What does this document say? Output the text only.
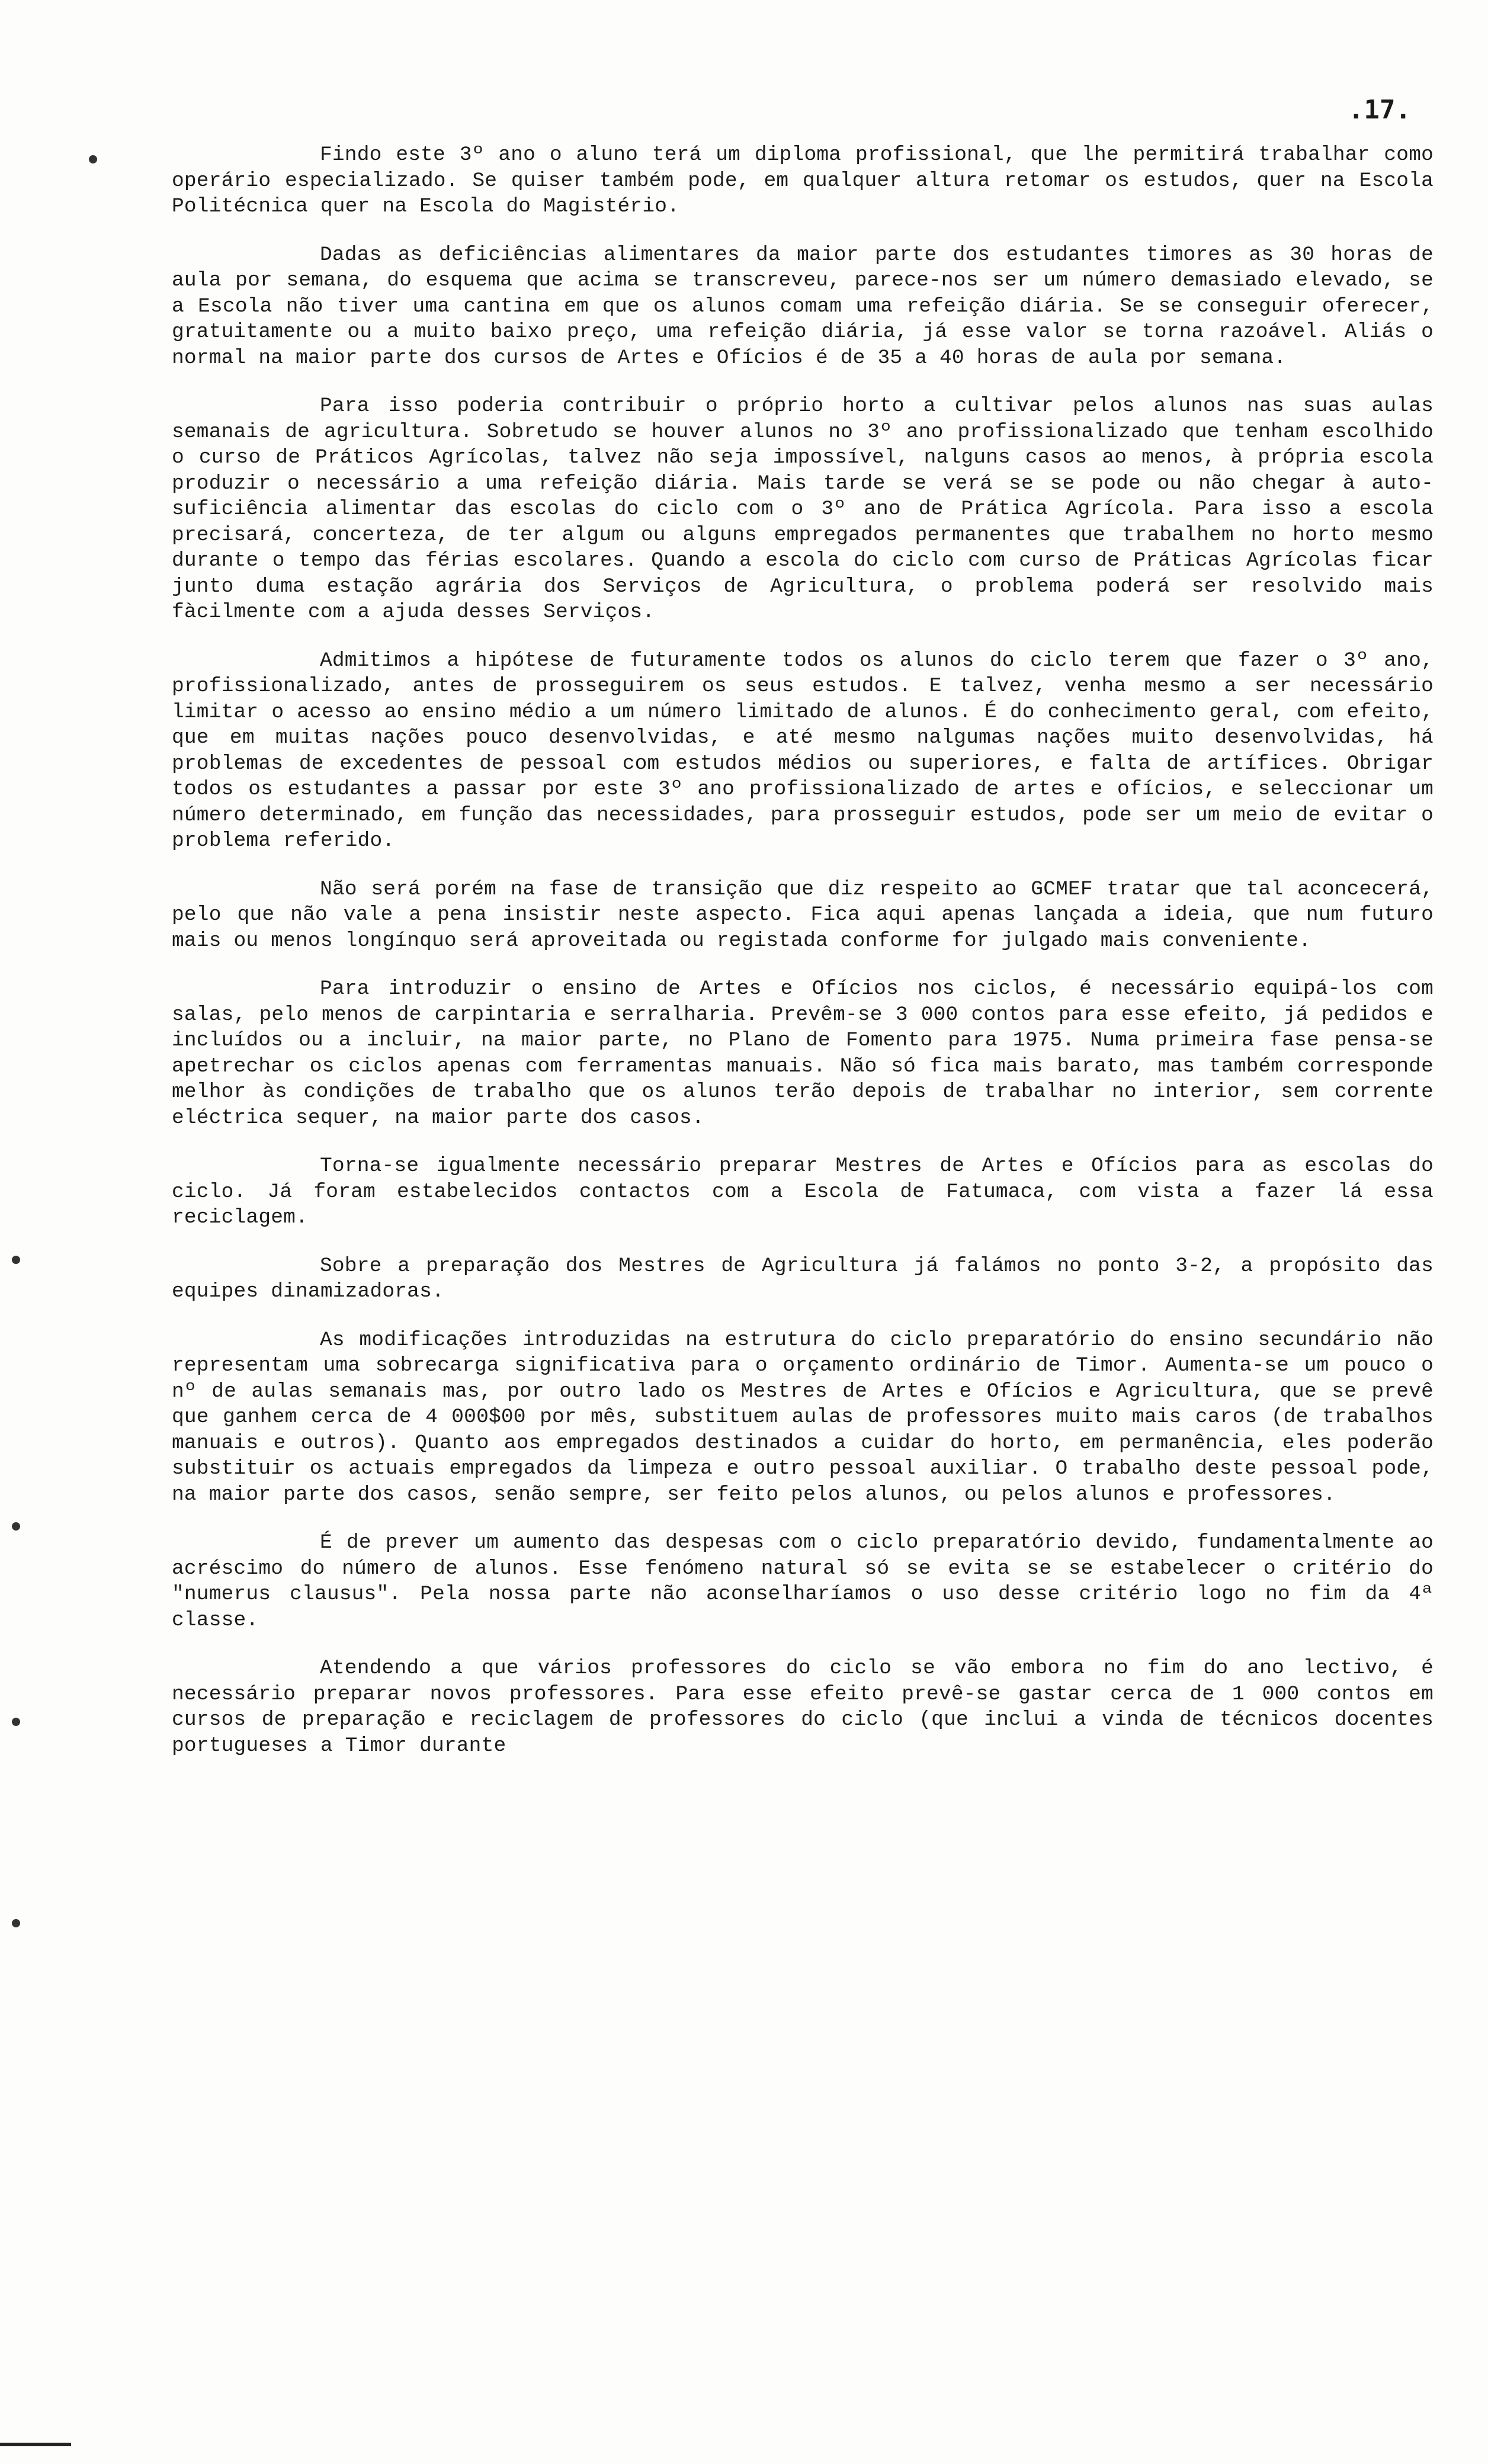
.17.

Findo este 3º ano o aluno terá um diploma profissional, que lhe permitirá trabalhar como operário especializado. Se quiser também pode, em qualquer altura retomar os estudos, quer na Escola Politécnica quer na Escola do Magistério.

Dadas as deficiências alimentares da maior parte dos estudantes timores as 30 horas de aula por semana, do esquema que acima se transcreveu, parece-nos ser um número demasiado elevado, se a Escola não tiver uma cantina em que os alunos comam uma refeição diária. Se se conseguir oferecer, gratuitamente ou a muito baixo preço, uma refeição diária, já esse valor se torna razoável. Aliás o normal na maior parte dos cursos de Artes e Ofícios é de 35 a 40 horas de aula por semana.

Para isso poderia contribuir o próprio horto a cultivar pelos alunos nas suas aulas semanais de agricultura. Sobretudo se houver alunos no 3º ano profissionalizado que tenham escolhido o curso de Práticos Agrícolas, talvez não seja impossível, nalguns casos ao menos, à própria escola produzir o necessário a uma refeição diária. Mais tarde se verá se se pode ou não chegar à auto-suficiência alimentar das escolas do ciclo com o 3º ano de Prática Agrícola. Para isso a escola precisará, concerteza, de ter algum ou alguns empregados permanentes que trabalhem no horto mesmo durante o tempo das férias escolares. Quando a escola do ciclo com curso de Práticas Agrícolas ficar junto duma estação agrária dos Serviços de Agricultura, o problema poderá ser resolvido mais fàcilmente com a ajuda desses Serviços.

Admitimos a hipótese de futuramente todos os alunos do ciclo terem que fazer o 3º ano, profissionalizado, antes de prosseguirem os seus estudos. E talvez, venha mesmo a ser necessário limitar o acesso ao ensino médio a um número limitado de alunos. É do conhecimento geral, com efeito, que em muitas nações pouco desenvolvidas, e até mesmo nalgumas nações muito desenvolvidas, há problemas de excedentes de pessoal com estudos médios ou superiores, e falta de artífices. Obrigar todos os estudantes a passar por este 3º ano profissionalizado de artes e ofícios, e seleccionar um número determinado, em função das necessidades, para prosseguir estudos, pode ser um meio de evitar o problema referido.

Não será porém na fase de transição que diz respeito ao GCMEF tratar que tal aconcecerá, pelo que não vale a pena insistir neste aspecto. Fica aqui apenas lançada a ideia, que num futuro mais ou menos longínquo será aproveitada ou registada conforme for julgado mais conveniente.

Para introduzir o ensino de Artes e Ofícios nos ciclos, é necessário equipá-los com salas, pelo menos de carpintaria e serralharia. Prevêm-se 3 000 contos para esse efeito, já pedidos e incluídos ou a incluir, na maior parte, no Plano de Fomento para 1975. Numa primeira fase pensa-se apetrechar os ciclos apenas com ferramentas manuais. Não só fica mais barato, mas também corresponde melhor às condições de trabalho que os alunos terão depois de trabalhar no interior, sem corrente eléctrica sequer, na maior parte dos casos.

Torna-se igualmente necessário preparar Mestres de Artes e Ofícios para as escolas do ciclo. Já foram estabelecidos contactos com a Escola de Fatumaca, com vista a fazer lá essa reciclagem.

Sobre a preparação dos Mestres de Agricultura já falámos no ponto 3-2, a propósito das equipes dinamizadoras.

As modificações introduzidas na estrutura do ciclo preparatório do ensino secundário não representam uma sobrecarga significativa para o orçamento ordinário de Timor. Aumenta-se um pouco o nº de aulas semanais mas, por outro lado os Mestres de Artes e Ofícios e Agricultura, que se prevê que ganhem cerca de 4 000$00 por mês, substituem aulas de professores muito mais caros (de trabalhos manuais e outros). Quanto aos empregados destinados a cuidar do horto, em permanência, eles poderão substituir os actuais empregados da limpeza e outro pessoal auxiliar. O trabalho deste pessoal pode, na maior parte dos casos, senão sempre, ser feito pelos alunos, ou pelos alunos e professores.

É de prever um aumento das despesas com o ciclo preparatório devido, fundamentalmente ao acréscimo do número de alunos. Esse fenómeno natural só se evita se se estabelecer o critério do "numerus clausus". Pela nossa parte não aconselharíamos o uso desse critério logo no fim da 4ª classe.

Atendendo a que vários professores do ciclo se vão embora no fim do ano lectivo, é necessário preparar novos professores. Para esse efeito prevê-se gastar cerca de 1 000 contos em cursos de preparação e reciclagem de professores do ciclo (que inclui a vinda de técnicos docentes portugueses a Timor durante
